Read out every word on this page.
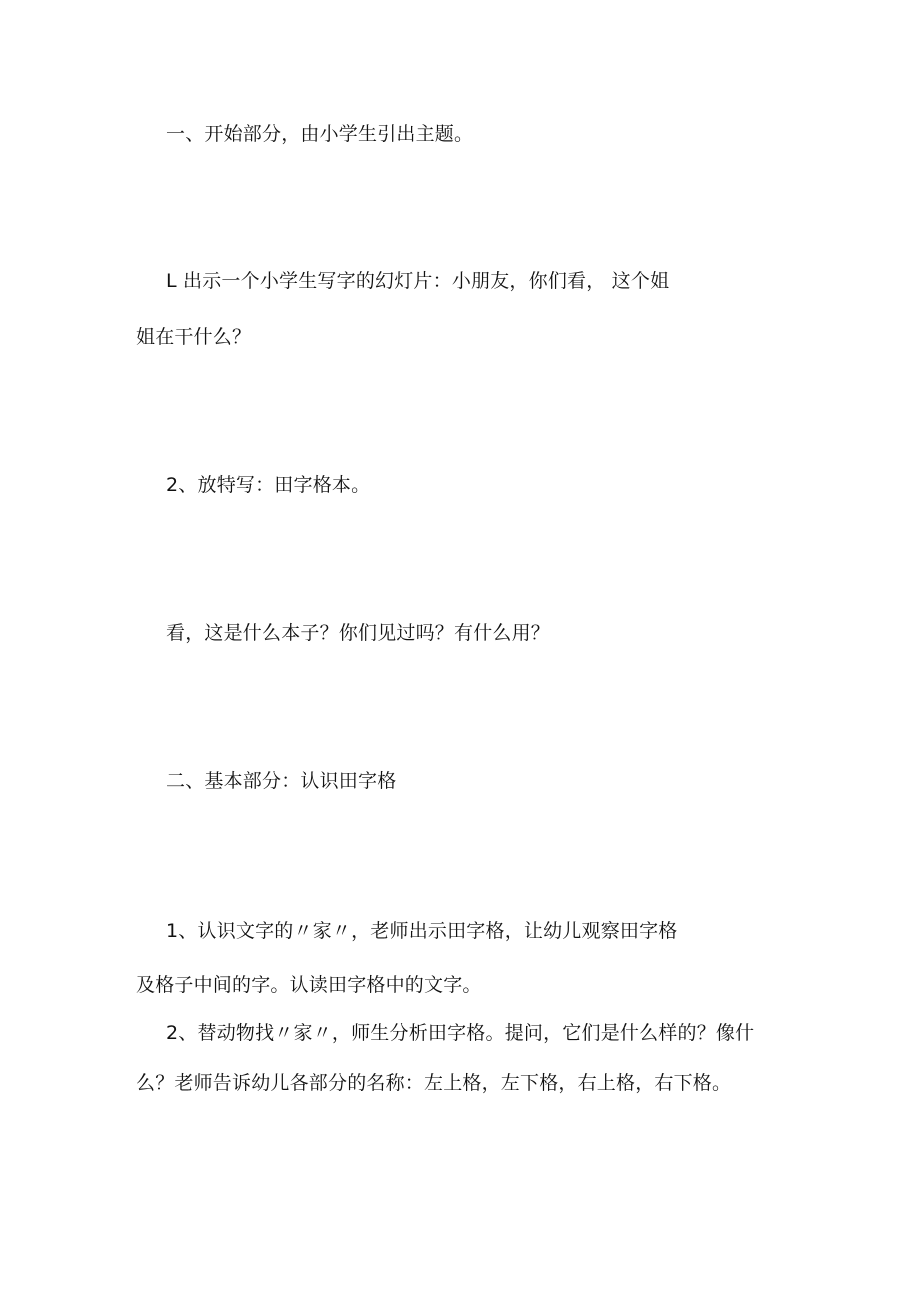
一、开始部分，由小学生引出主题。
L 出示一个小学生写字的幻灯片：小朋友，你们看， 这个姐
姐在干什么？
2、放特写：田字格本。
看，这是什么本子？你们见过吗？有什么用？
二、基本部分：认识田字格
1、认识文字的〃家〃，老师出示田字格，让幼儿观察田字格
及格子中间的字。认读田字格中的文字。
2、替动物找〃家〃，师生分析田字格。提问，它们是什么样的？像什
么？老师告诉幼儿各部分的名称：左上格，左下格，右上格，右下格。
